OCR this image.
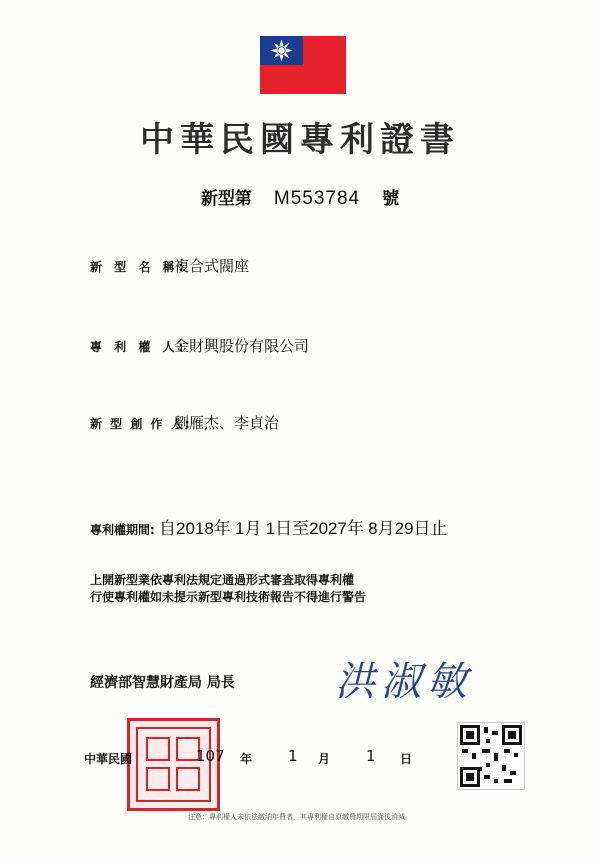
中華民國專利證書
新型第 M553784 號
新 型 名 稱:
複合式閥座
專 利 權 人:
金財興股份有限公司
新 型 創 作 人:
劉雁杰、李貞治
專利權期間: 自2018年 1月 1日至2027年 8月29日止
上開新型業依專利法規定通過形式審查取得專利權
行使專利權如未提示新型專利技術報告不得進行警告
經濟部智慧財產局 局長	洪淑敏
中華民國	107 年 1 月 1 日
注意：專利權人未依法繳納年費者，其專利權自原繳費期限屆滿後消滅。
